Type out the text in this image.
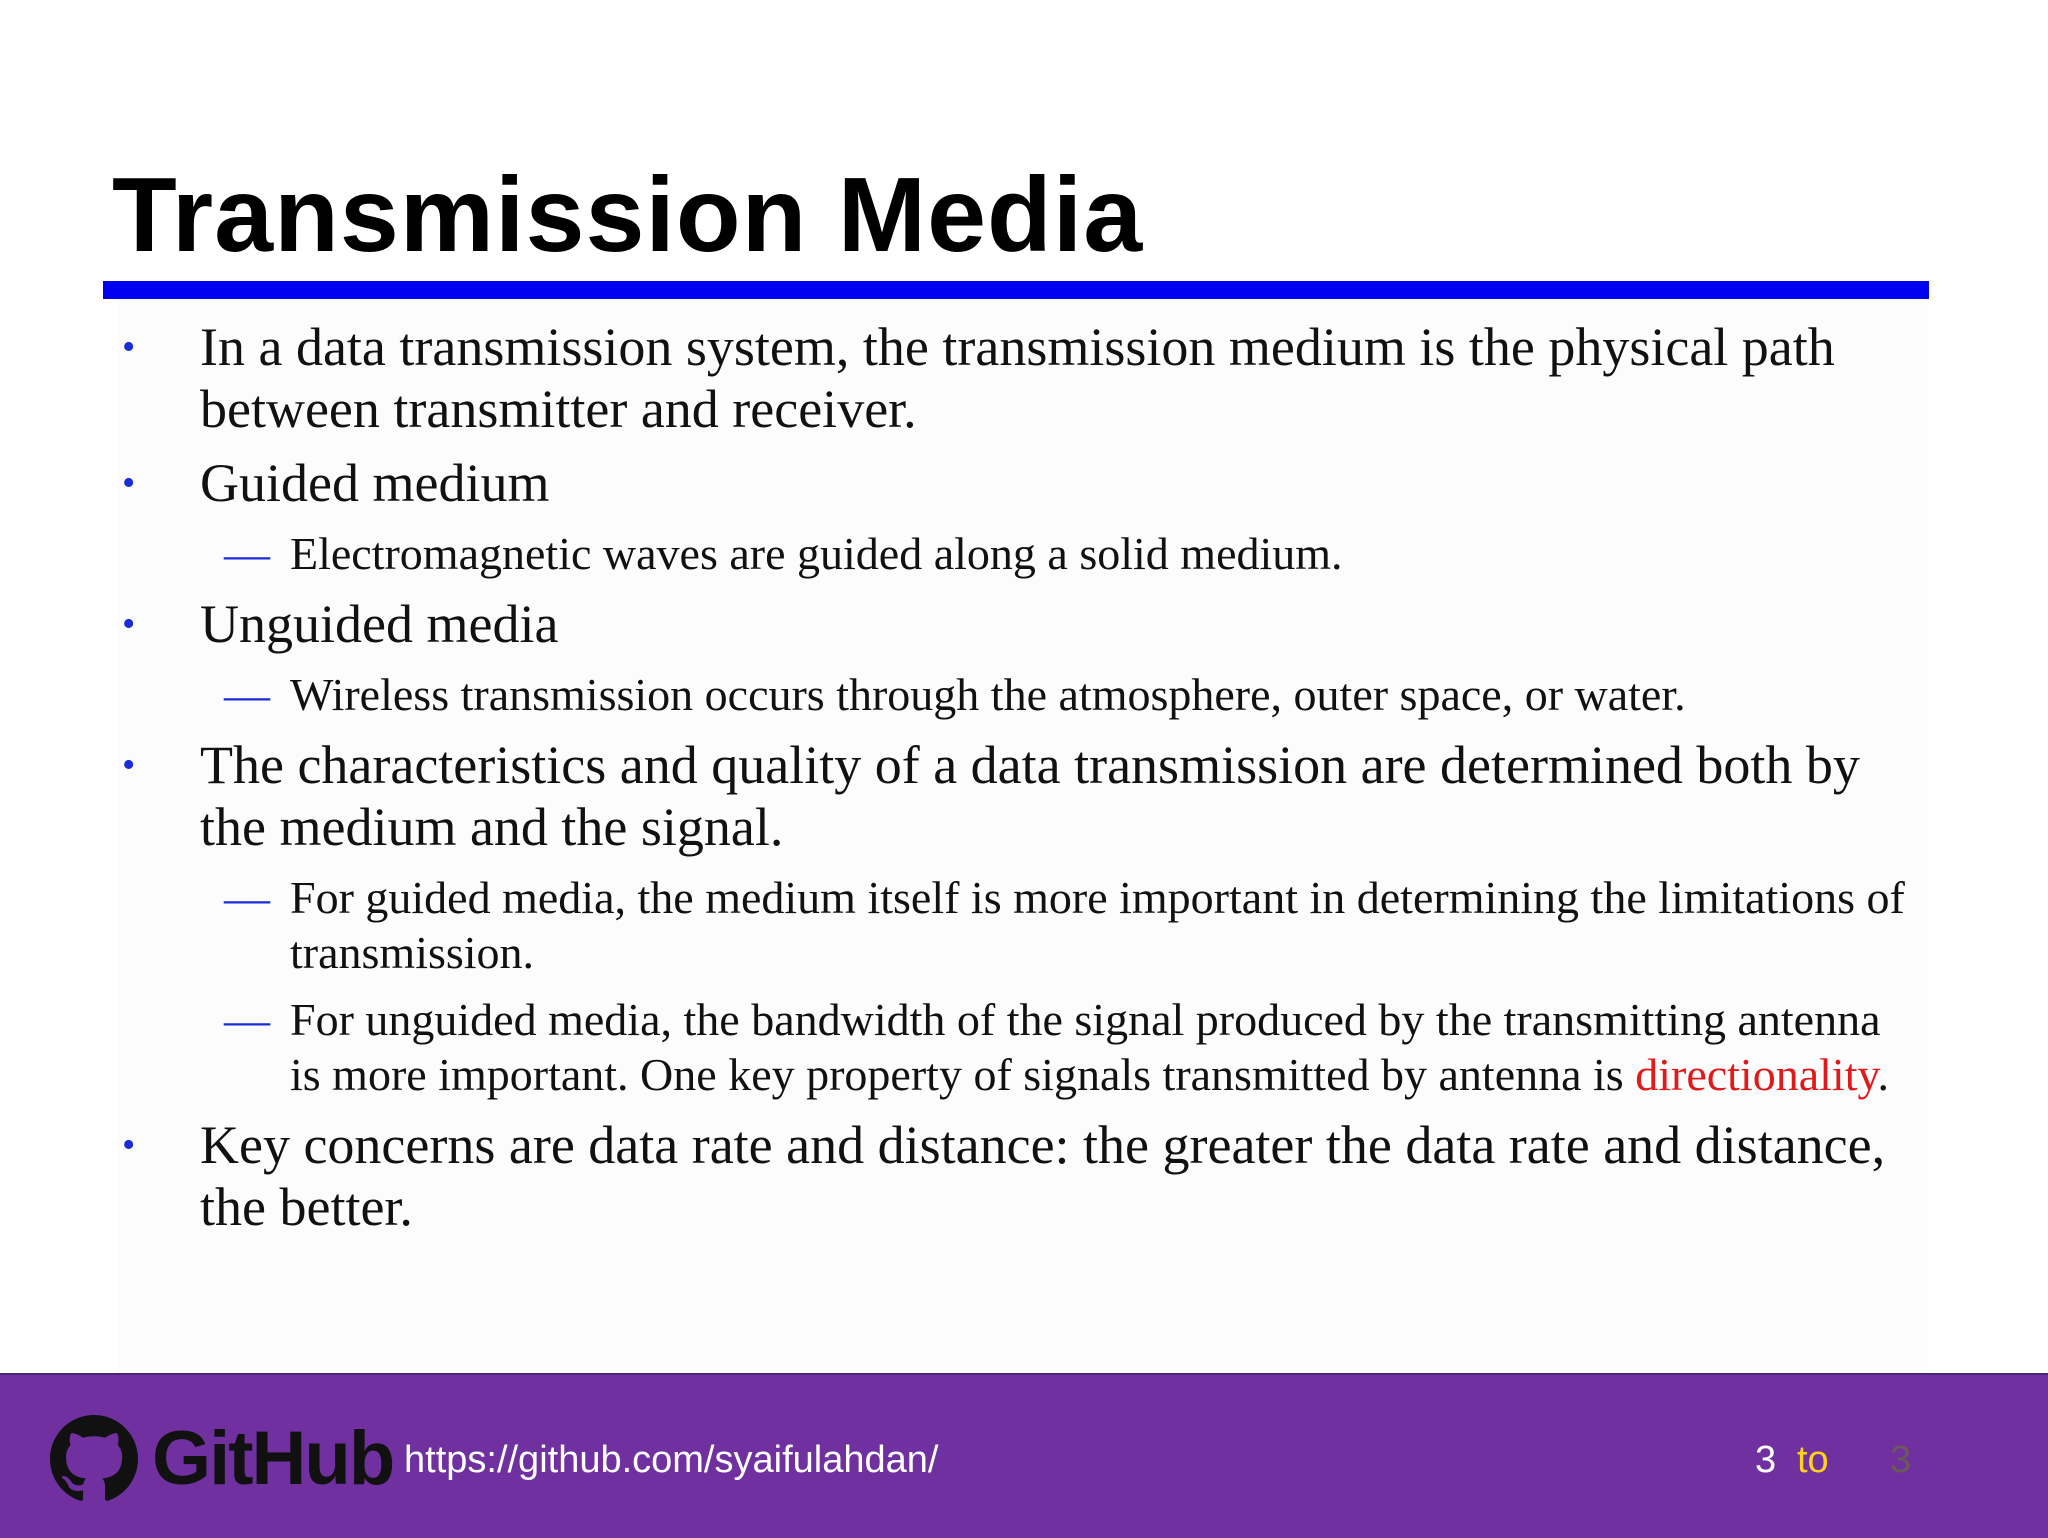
Transmission Media
• In a data transmission system, the transmission medium is the physical path between transmitter and receiver.
• Guided medium
— Electromagnetic waves are guided along a solid medium.
• Unguided media
— Wireless transmission occurs through the atmosphere, outer space, or water.
• The characteristics and quality of a data transmission are determined both by the medium and the signal.
— For guided media, the medium itself is more important in determining the limitations of transmission.
— For unguided media, the bandwidth of the signal produced by the transmitting antenna is more important. One key property of signals transmitted by antenna is directionality.
• Key concerns are data rate and distance: the greater the data rate and distance, the better.
GitHub https://github.com/syaifulahdan/	3 to 3
